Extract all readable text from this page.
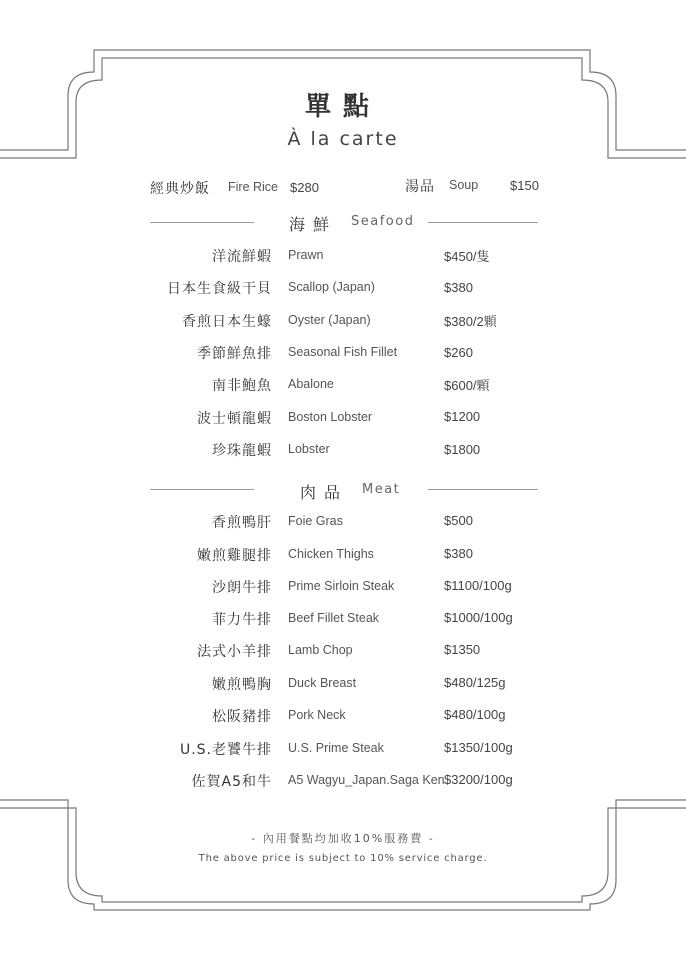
單點
À la carte
經典炒飯 Fire Rice $280	湯品 Soup $150
海鮮 Seafood
洋流鮮蝦 Prawn	$450/隻
日本生食級干貝 Scallop (Japan)	$380
香煎日本生蠔 Oyster (Japan)	$380/2顆
季節鮮魚排 Seasonal Fish Fillet	$260
南非鮑魚 Abalone	$600/顆
波士頓龍蝦 Boston Lobster	$1200
珍珠龍蝦 Lobster	$1800
肉品 Meat
香煎鴨肝 Foie Gras	$500
嫩煎雞腿排 Chicken Thighs	$380
沙朗牛排 Prime Sirloin Steak	$1100/100g
菲力牛排 Beef Fillet Steak	$1000/100g
法式小羊排 Lamb Chop	$1350
嫩煎鴨胸 Duck Breast	$480/125g
松阪豬排 Pork Neck	$480/100g
U.S.老饕牛排 U.S. Prime Steak	$1350/100g
佐賀A5和牛 A5 Wagyu_Japan.Saga Ken $3200/100g
- 內用餐點均加收10%服務費 -
The above price is subject to 10% service charge.
